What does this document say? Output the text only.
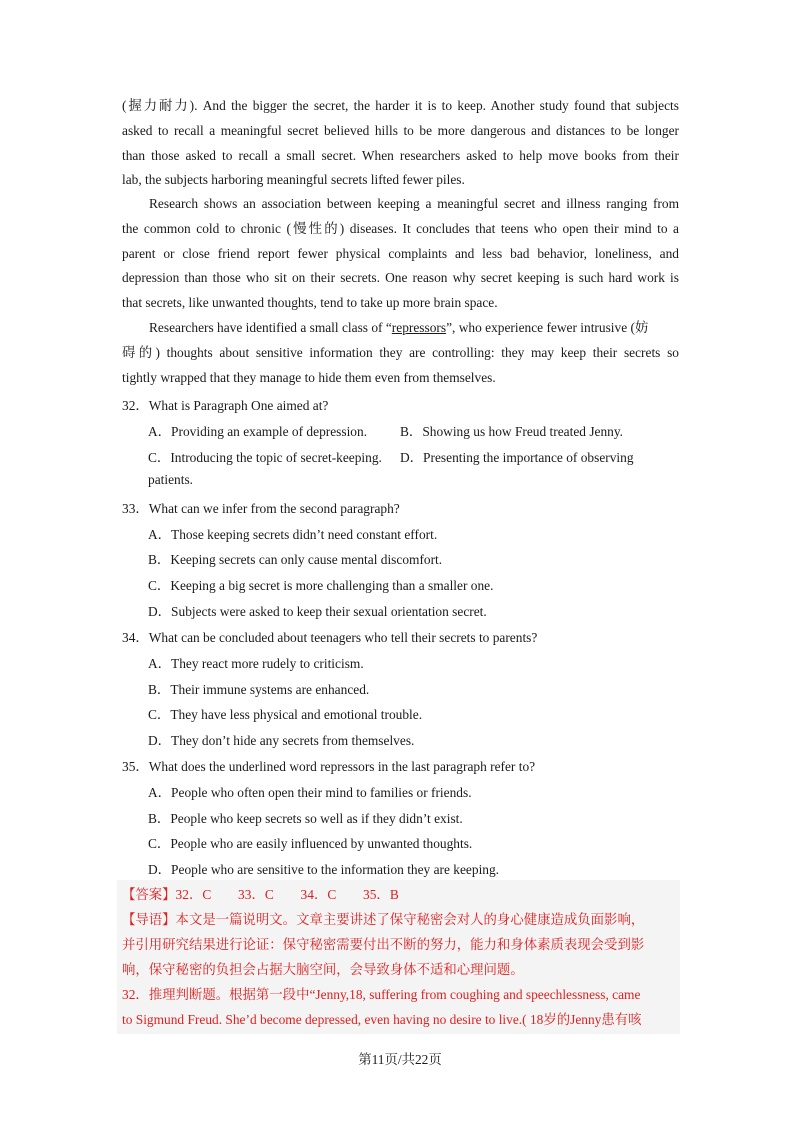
(握力耐力). And the bigger the secret, the harder it is to keep. Another study found that subjects
asked to recall a meaningful secret believed hills to be more dangerous and distances to be longer
than those asked to recall a small secret. When researchers asked to help move books from their
lab, the subjects harboring meaningful secrets lifted fewer piles.
Research shows an association between keeping a meaningful secret and illness ranging from
the common cold to chronic (慢性的) diseases. It concludes that teens who open their mind to a
parent or close friend report fewer physical complaints and less bad behavior, loneliness, and
depression than those who sit on their secrets. One reason why secret keeping is such hard work is
that secrets, like unwanted thoughts, tend to take up more brain space.
Researchers have identified a small class of “repressors”, who experience fewer intrusive (妨
碍的) thoughts about sensitive information they are controlling: they may keep their secrets so
tightly wrapped that they manage to hide them even from themselves.
32．What is Paragraph One aimed at?
A．Providing an example of depression. B．Showing us how Freud treated Jenny.
C．Introducing the topic of secret-keeping. D．Presenting the importance of observing
patients.
33．What can we infer from the second paragraph?
A．Those keeping secrets didn’t need constant effort.
B．Keeping secrets can only cause mental discomfort.
C．Keeping a big secret is more challenging than a smaller one.
D．Subjects were asked to keep their sexual orientation secret.
34．What can be concluded about teenagers who tell their secrets to parents?
A．They react more rudely to criticism.
B．Their immune systems are enhanced.
C．They have less physical and emotional trouble.
D．They don’t hide any secrets from themselves.
35．What does the underlined word repressors in the last paragraph refer to?
A．People who often open their mind to families or friends.
B．People who keep secrets so well as if they didn’t exist.
C．People who are easily influenced by unwanted thoughts.
D．People who are sensitive to the information they are keeping.
【答案】32．C　　33．C　　34．C　　35．B
【导语】本文是一篇说明文。文章主要讲述了保守秘密会对人的身心健康造成负面影响，
并引用研究结果进行论证：保守秘密需要付出不断的努力，能力和身体素质表现会受到影
响，保守秘密的负担会占据大脑空间，会导致身体不适和心理问题。
32．推理判断题。根据第一段中“Jenny,18, suffering from coughing and speechlessness, came
to Sigmund Freud. She’d become depressed, even having no desire to live.( 18岁的Jenny患有咳
第11页/共22页
